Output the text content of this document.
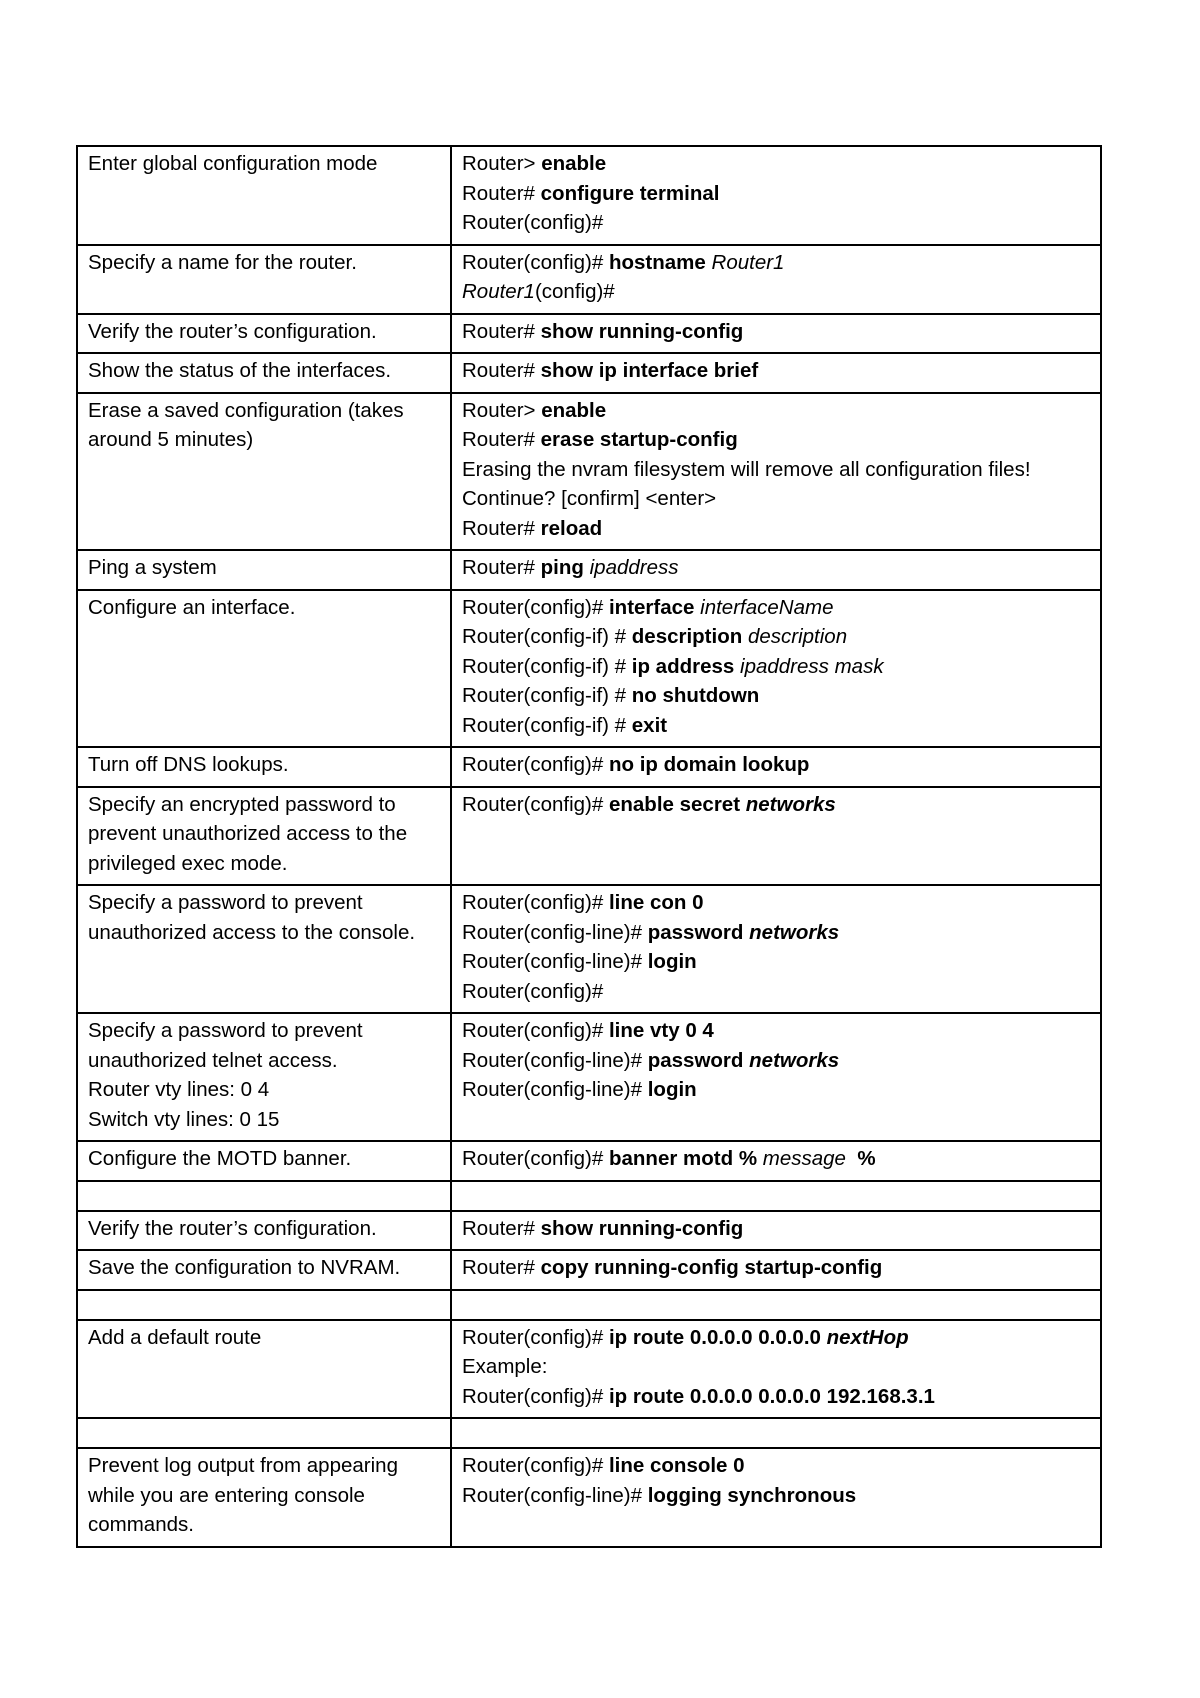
Enter global configuration mode	Router> enable
Router# configure terminal
Router(config)#

Specify a name for the router.	Router(config)# hostname Router1
Router1(config)#

Verify the router’s configuration.	Router# show running-config

Show the status of the interfaces.	Router# show ip interface brief

Erase a saved configuration (takes around 5 minutes)	Router> enable
Router# erase startup-config
Erasing the nvram filesystem will remove all configuration files!
Continue? [confirm] <enter>
Router# reload

Ping a system	Router# ping ipaddress

Configure an interface.	Router(config)# interface interfaceName
Router(config-if) # description description
Router(config-if) # ip address ipaddress mask
Router(config-if) # no shutdown
Router(config-if) # exit

Turn off DNS lookups.	Router(config)# no ip domain lookup

Specify an encrypted password to prevent unauthorized access to the privileged exec mode.	Router(config)# enable secret networks

Specify a password to prevent unauthorized access to the console.	Router(config)# line con 0
Router(config-line)# password networks
Router(config-line)# login
Router(config)#

Specify a password to prevent unauthorized telnet access.
Router vty lines: 0 4
Switch vty lines: 0 15	Router(config)# line vty 0 4
Router(config-line)# password networks
Router(config-line)# login

Configure the MOTD banner.	Router(config)# banner motd % message %

Verify the router’s configuration.	Router# show running-config

Save the configuration to NVRAM.	Router# copy running-config startup-config

Add a default route	Router(config)# ip route 0.0.0.0 0.0.0.0 nextHop
Example:
Router(config)# ip route 0.0.0.0 0.0.0.0 192.168.3.1

Prevent log output from appearing while you are entering console commands.	Router(config)# line console 0
Router(config-line)# logging synchronous
